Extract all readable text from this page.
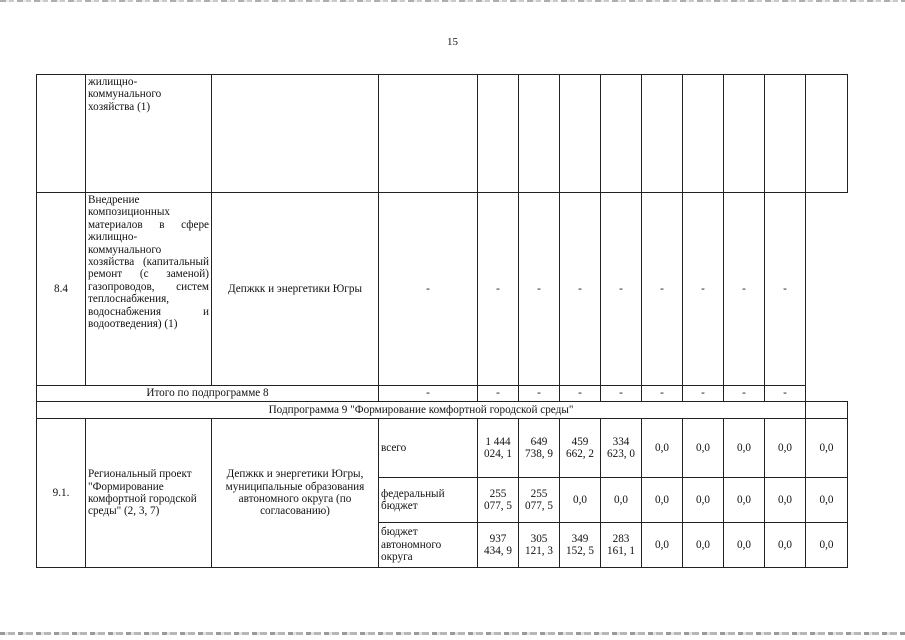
15
	жилищно-коммунального хозяйства (1)											
8.4	Внедрение композиционных материалов в сфере жилищно-коммунального хозяйства (капитальный ремонт (с заменой) газопроводов, систем теплоснабжения, водоснабжения и водоотведения) (1)	Депжкк и энергетики Югры	-	-	-	-	-	-	-	-	-	
Итого по подпрограмме 8			-	-	-	-	-	-	-	-	-	
Подпрограмма 9 "Формирование комфортной городской среды"												
9.1.	Региональный проект "Формирование комфортной городской среды" (2, 3, 7)	Депжкк и энергетики Югры, муниципальные образования автономного округа (по согласованию)	всего	1 444 024, 1	649 738, 9	459 662, 2	334 623, 0	0,0	0,0	0,0	0,0	0,0
			федеральный бюджет	255 077, 5	255 077, 5	0,0	0,0	0,0	0,0	0,0	0,0	0,0
			бюджет автономного округа	937 434, 9	305 121, 3	349 152, 5	283 161, 1	0,0	0,0	0,0	0,0	0,0
